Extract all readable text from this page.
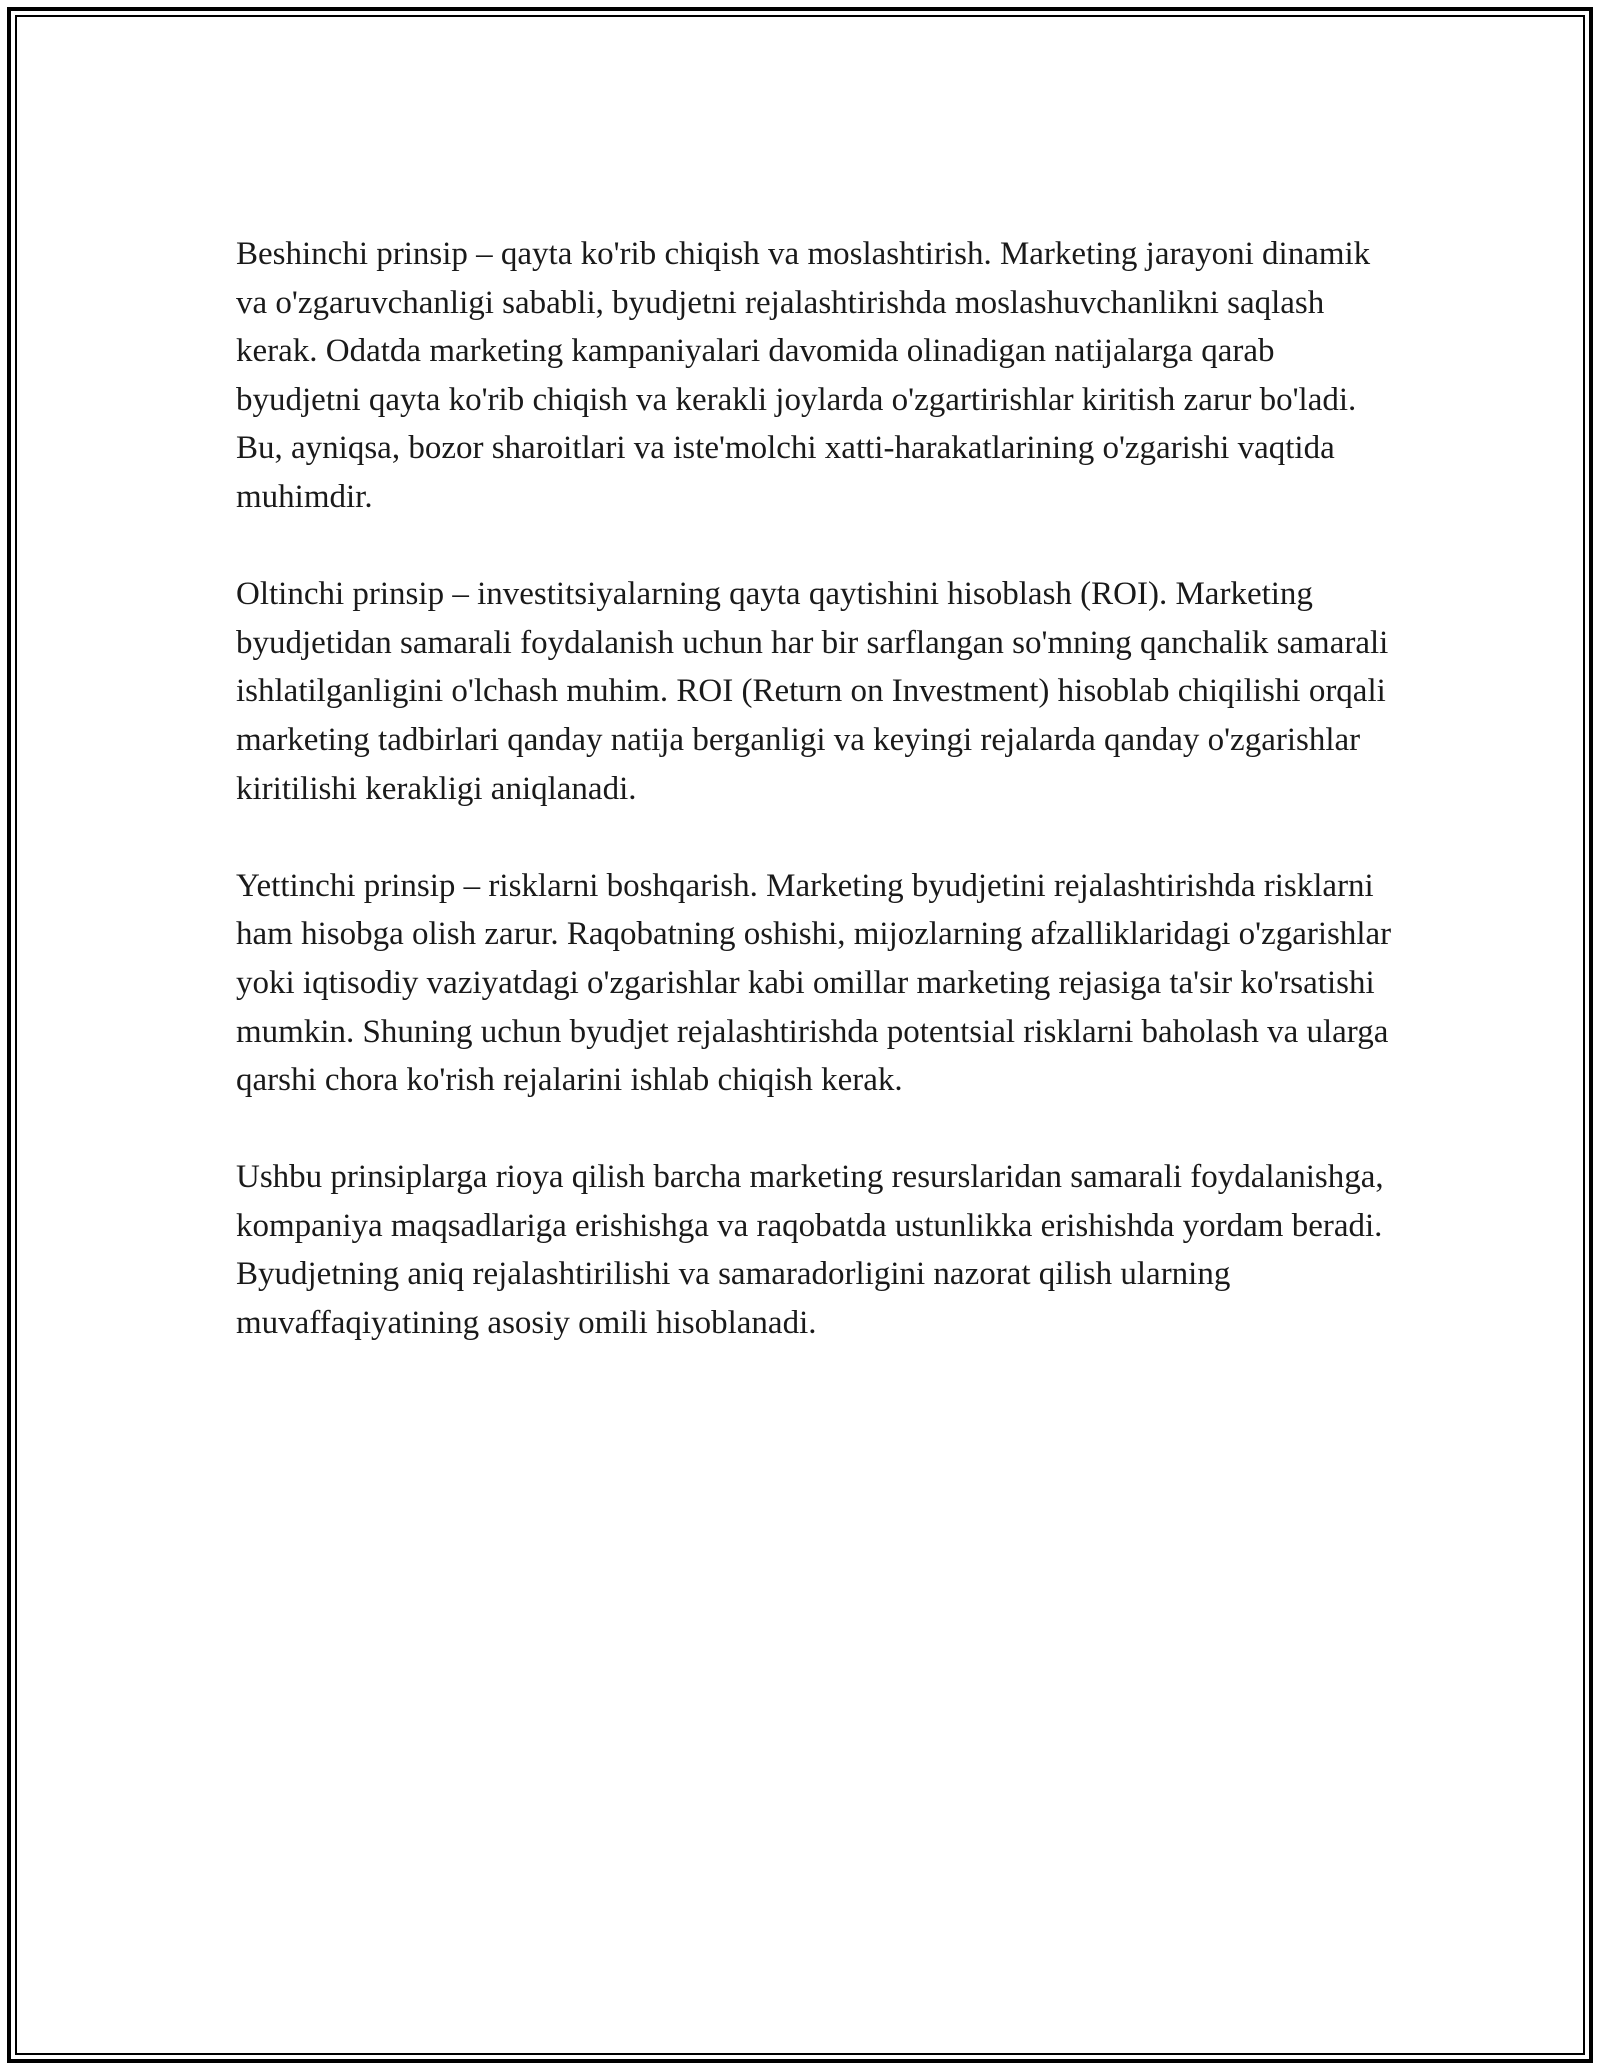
Beshinchi prinsip – qayta ko'rib chiqish va moslashtirish. Marketing jarayoni dinamik va o'zgaruvchanligi sababli, byudjetni rejalashtirishda moslashuvchanlikni saqlash kerak. Odatda marketing kampaniyalari davomida olinadigan natijalarga qarab byudjetni qayta ko'rib chiqish va kerakli joylarda o'zgartirishlar kiritish zarur bo'ladi. Bu, ayniqsa, bozor sharoitlari va iste'molchi xatti-harakatlarining o'zgarishi vaqtida muhimdir.

Oltinchi prinsip – investitsiyalarning qayta qaytishini hisoblash (ROI). Marketing byudjetidan samarali foydalanish uchun har bir sarflangan so'mning qanchalik samarali ishlatilganligini o'lchash muhim. ROI (Return on Investment) hisoblab chiqilishi orqali marketing tadbirlari qanday natija berganligi va keyingi rejalarda qanday o'zgarishlar kiritilishi kerakligi aniqlanadi.

Yettinchi prinsip – risklarni boshqarish. Marketing byudjetini rejalashtirishda risklarni ham hisobga olish zarur. Raqobatning oshishi, mijozlarning afzalliklaridagi o'zgarishlar yoki iqtisodiy vaziyatdagi o'zgarishlar kabi omillar marketing rejasiga ta'sir ko'rsatishi mumkin. Shuning uchun byudjet rejalashtirishda potentsial risklarni baholash va ularga qarshi chora ko'rish rejalarini ishlab chiqish kerak.

Ushbu prinsiplarga rioya qilish barcha marketing resurslaridan samarali foydalanishga, kompaniya maqsadlariga erishishga va raqobatda ustunlikka erishishda yordam beradi. Byudjetning aniq rejalashtirilishi va samaradorligini nazorat qilish ularning muvaffaqiyatining asosiy omili hisoblanadi.
